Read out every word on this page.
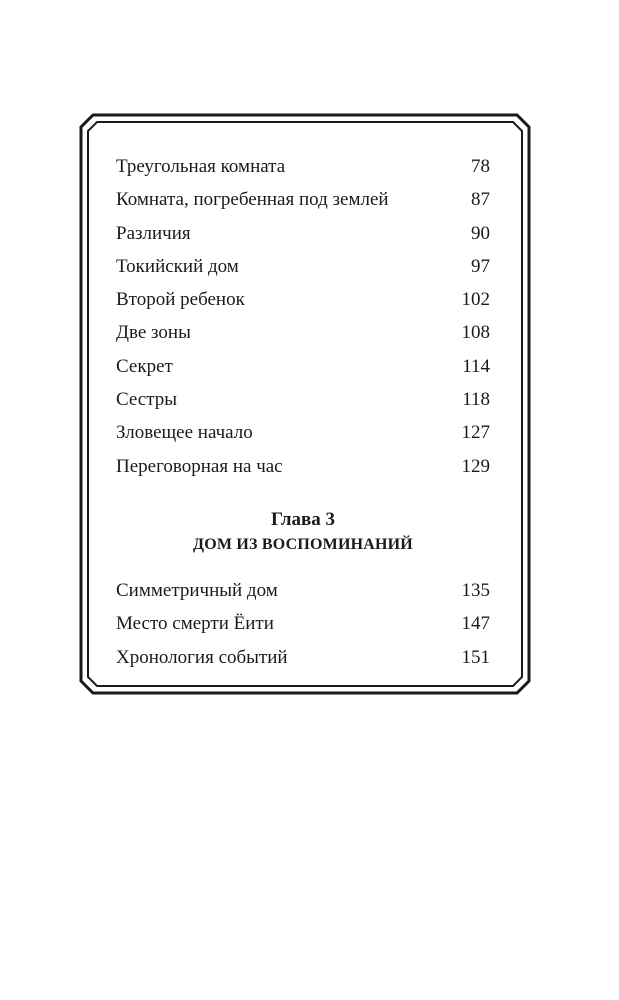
Треугольная комната	78
Комната, погребенная под землей	87
Различия	90
Токийский дом	97
Второй ребенок	102
Две зоны	108
Секрет	114
Сестры	118
Зловещее начало	127
Переговорная на час	129
Глава 3
ДОМ ИЗ ВОСПОМИНАНИЙ
Симметричный дом	135
Место смерти Ёити	147
Хронология событий	151
